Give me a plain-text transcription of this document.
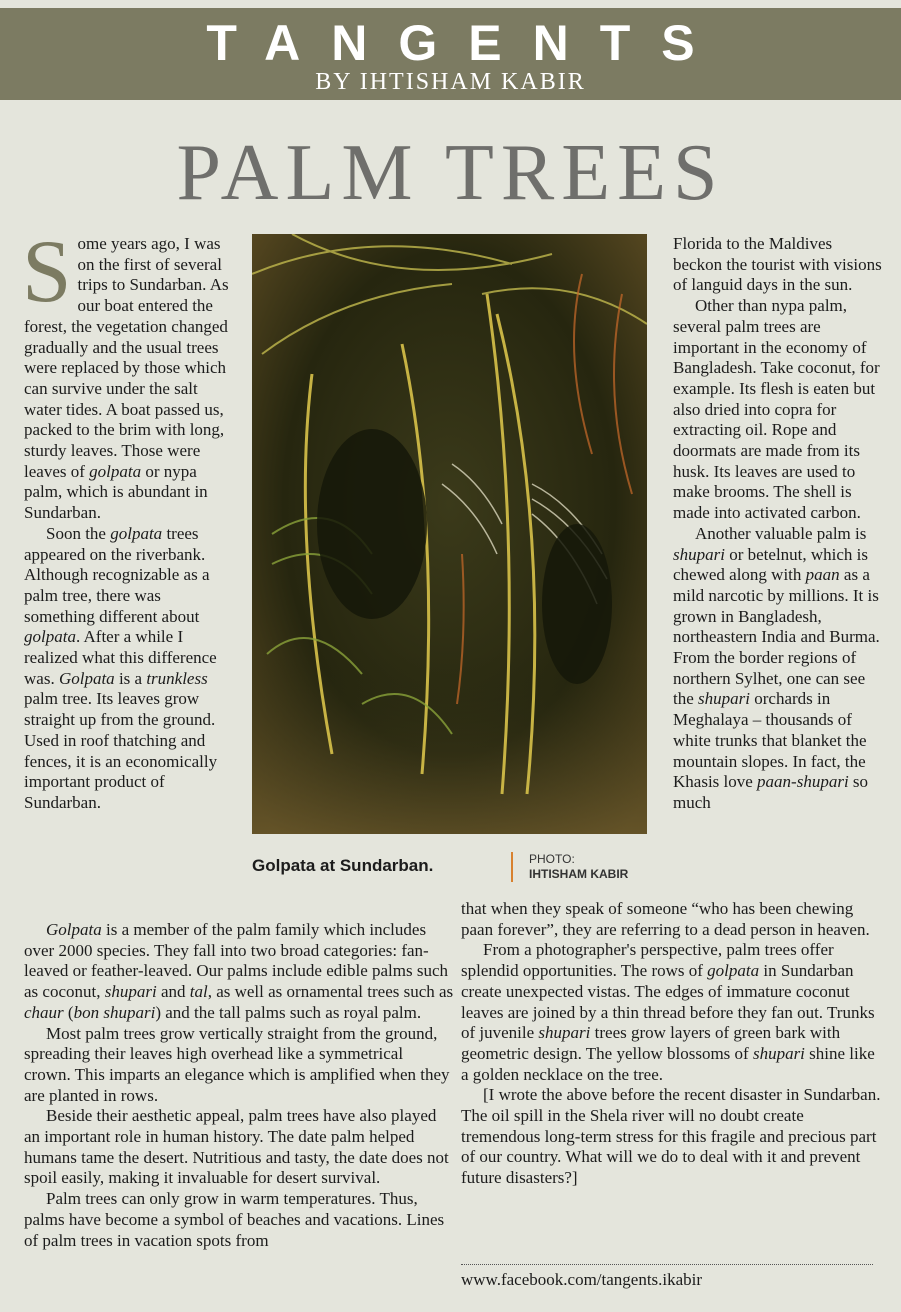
TANGENTS
BY IHTISHAM KABIR
PALM TREES

Some years ago, I was on the first of several trips to Sundarban. As our boat entered the forest, the vegetation changed gradually and the usual trees were replaced by those which can survive under the salt water tides. A boat passed us, packed to the brim with long, sturdy leaves. Those were leaves of golpata or nypa palm, which is abundant in Sundarban.

Soon the golpata trees appeared on the riverbank. Although recognizable as a palm tree, there was something different about golpata. After a while I realized what this difference was. Golpata is a trunkless palm tree. Its leaves grow straight up from the ground. Used in roof thatching and fences, it is an economically important product of Sundarban.

Golpata at Sundarban.	PHOTO:
IHTISHAM KABIR

Florida to the Maldives beckon the tourist with visions of languid days in the sun.

Other than nypa palm, several palm trees are important in the economy of Bangladesh. Take coconut, for example. Its flesh is eaten but also dried into copra for extracting oil. Rope and doormats are made from its husk. Its leaves are used to make brooms. The shell is made into activated carbon.

Another valuable palm is shupari or betelnut, which is chewed along with paan as a mild narcotic by millions. It is grown in Bangladesh, northeastern India and Burma. From the border regions of northern Sylhet, one can see the shupari orchards in Meghalaya – thousands of white trunks that blanket the mountain slopes. In fact, the Khasis love paan-shupari so much

Golpata is a member of the palm family which includes over 2000 species. They fall into two broad categories: fan-leaved or feather-leaved. Our palms include edible palms such as coconut, shupari and tal, as well as ornamental trees such as chaur (bon shupari) and the tall palms such as royal palm.

Most palm trees grow vertically straight from the ground, spreading their leaves high overhead like a symmetrical crown. This imparts an elegance which is amplified when they are planted in rows.

Beside their aesthetic appeal, palm trees have also played an important role in human history. The date palm helped humans tame the desert. Nutritious and tasty, the date does not spoil easily, making it invaluable for desert survival.

Palm trees can only grow in warm temperatures. Thus, palms have become a symbol of beaches and vacations. Lines of palm trees in vacation spots from

that when they speak of someone “who has been chewing paan forever”, they are referring to a dead person in heaven.

From a photographer's perspective, palm trees offer splendid opportunities. The rows of golpata in Sundarban create unexpected vistas. The edges of immature coconut leaves are joined by a thin thread before they fan out. Trunks of juvenile shupari trees grow layers of green bark with geometric design. The yellow blossoms of shupari shine like a golden necklace on the tree.

[I wrote the above before the recent disaster in Sundarban. The oil spill in the Shela river will no doubt create tremendous long-term stress for this fragile and precious part of our country. What will we do to deal with it and prevent future disasters?]

www.facebook.com/tangents.ikabir
